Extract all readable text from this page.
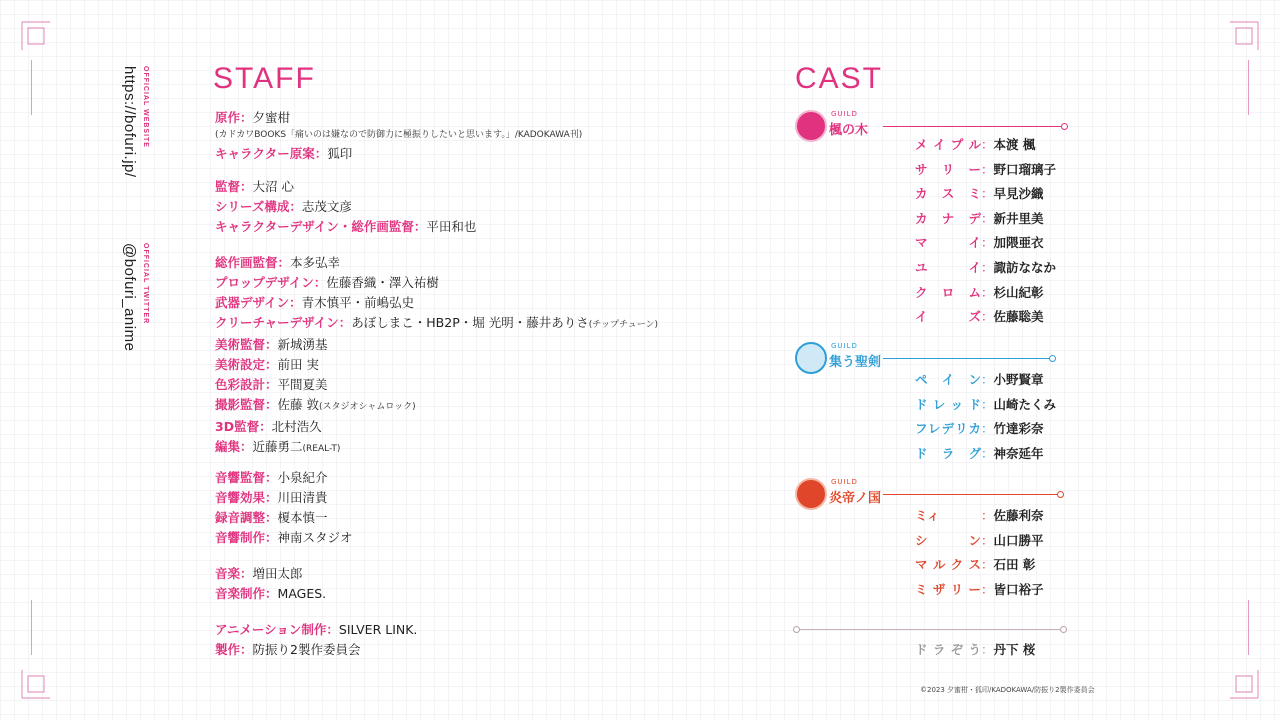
OFFICIAL WEBSITE
https://bofuri.jp/
OFFICIAL TWITTER
@bofuri_anime
STAFF
原作 ： 夕蜜柑
(カドカワBOOKS「痛いのは嫌なので防御力に極振りしたいと思います。」/KADOKAWA刊)
キャラクター原案 ： 狐印
監督 ： 大沼 心
シリーズ構成 ： 志茂文彦
キャラクターデザイン・総作画監督 ： 平田和也
総作画監督 ： 本多弘幸
プロップデザイン ： 佐藤香織・澤入祐樹
武器デザイン ： 青木慎平・前嶋弘史
クリーチャーデザイン ： あぼしまこ・HB2P・堀 光明・藤井ありさ (チップチューン)
美術監督 ： 新城湧基
美術設定 ： 前田 実
色彩設計 ： 平間夏美
撮影監督 ： 佐藤 敦 (スタジオシャムロック)
3D監督 ： 北村浩久
編集 ： 近藤勇二 (REAL-T)
音響監督 ： 小泉紀介
音響効果 ： 川田清貴
録音調整 ： 榎本慎一
音響制作 ： 神南スタジオ
音楽 ： 増田太郎
音楽制作 ： MAGES.
アニメーション制作 ： SILVER LINK.
製作 ： 防振り2製作委員会
CAST
GUILD
楓の木
メイプル ： 本渡 楓
サリー ： 野口瑠璃子
カスミ ： 早見沙織
カナデ ： 新井里美
マイ ： 加隈亜衣
ユイ ： 諏訪ななか
クロム ： 杉山紀彰
イズ ： 佐藤聡美
GUILD
集う聖剣
ペイン ： 小野賢章
ドレッド ： 山崎たくみ
フレデリカ ： 竹達彩奈
ドラグ ： 神奈延年
GUILD
炎帝ノ国
ミィ	： 佐藤利奈
シン ： 山口勝平
マルクス ： 石田 彰
ミザリー ： 皆口裕子
ドラぞう ： 丹下 桜
©2023 夕蜜柑・狐印/KADOKAWA/防振り2製作委員会
